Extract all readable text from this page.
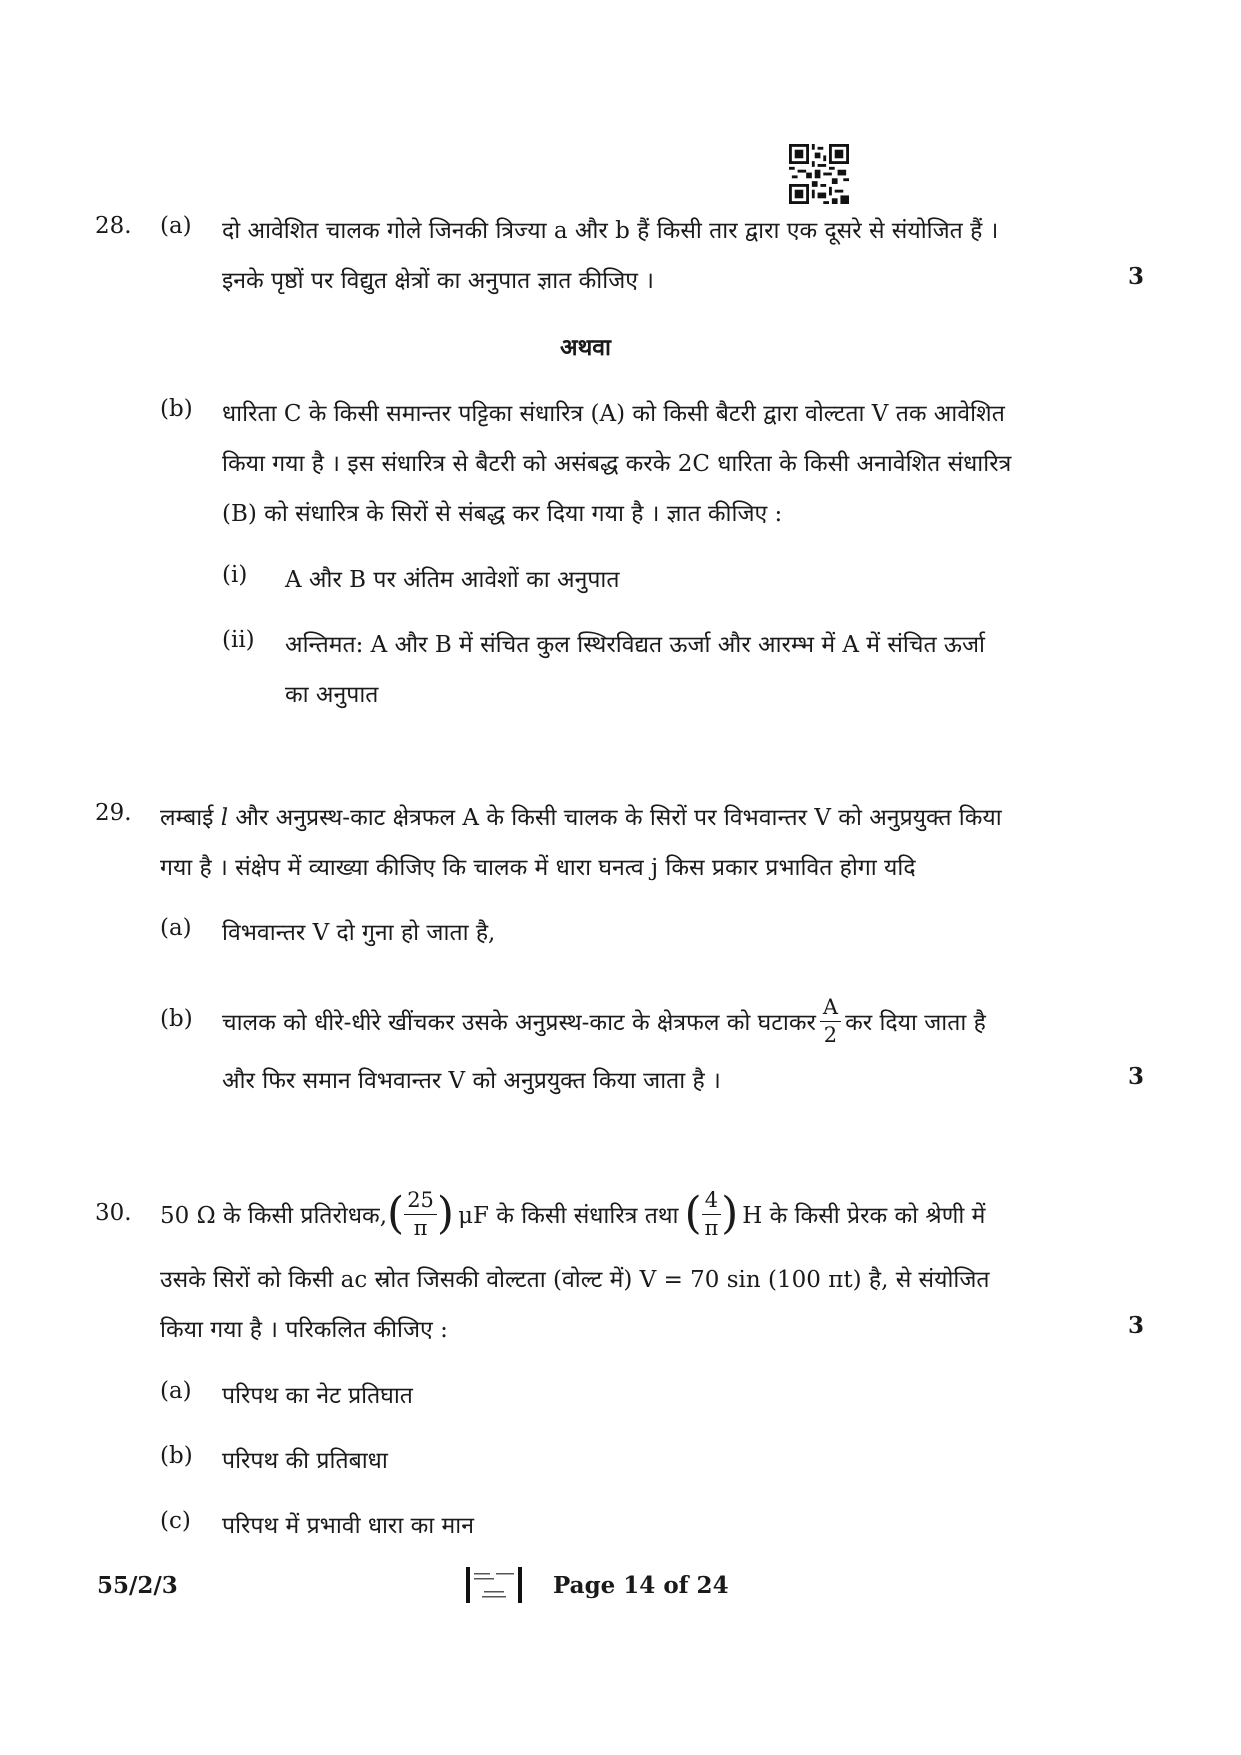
28. (a) दो आवेशित चालक गोले जिनकी त्रिज्या a और b हैं किसी तार द्वारा एक दूसरे से संयोजित हैं ।
इनके पृष्ठों पर विद्युत क्षेत्रों का अनुपात ज्ञात कीजिए ।	3
अथवा
(b) धारिता C के किसी समान्तर पट्टिका संधारित्र (A) को किसी बैटरी द्वारा वोल्टता V तक आवेशित
किया गया है । इस संधारित्र से बैटरी को असंबद्ध करके 2C धारिता के किसी अनावेशित संधारित्र
(B) को संधारित्र के सिरों से संबद्ध कर दिया गया है । ज्ञात कीजिए :
(i) A और B पर अंतिम आवेशों का अनुपात
(ii) अन्तिमत: A और B में संचित कुल स्थिरविद्यत ऊर्जा और आरम्भ में A में संचित ऊर्जा
का अनुपात
29. लम्बाई l और अनुप्रस्थ-काट क्षेत्रफल A के किसी चालक के सिरों पर विभवान्तर V को अनुप्रयुक्त किया
गया है । संक्षेप में व्याख्या कीजिए कि चालक में धारा घनत्व j किस प्रकार प्रभावित होगा यदि
(a) विभवान्तर V दो गुना हो जाता है,
(b) चालक को धीरे-धीरे खींचकर उसके अनुप्रस्थ-काट के क्षेत्रफल को घटाकर $\frac{A}{2}$ कर दिया जाता है
और फिर समान विभवान्तर V को अनुप्रयुक्त किया जाता है ।	3
30. 50 Ω के किसी प्रतिरोधक, ( $\frac{25}{\pi}$ ) μF के किसी संधारित्र तथा ( $\frac{4}{\pi}$ ) H के किसी प्रेरक को श्रेणी में
उसके सिरों को किसी ac स्रोत जिसकी वोल्टता (वोल्ट में) V = 70 sin (100 πt) है, से संयोजित
किया गया है । परिकलित कीजिए :	3
(a) परिपथ का नेट प्रतिघात
(b) परिपथ की प्रतिबाधा
(c) परिपथ में प्रभावी धारा का मान
55/2/3	Page 14 of 24
